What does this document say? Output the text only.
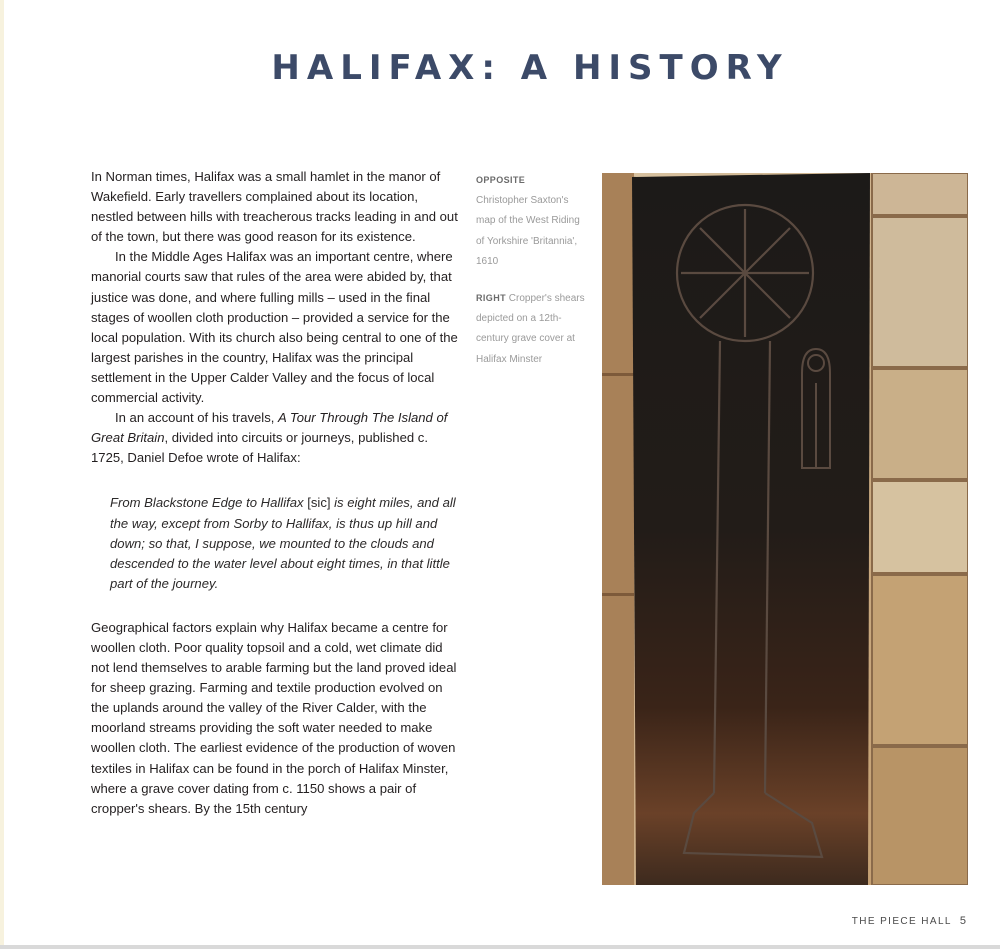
HALIFAX: A HISTORY

In Norman times, Halifax was a small hamlet in the manor of Wakefield. Early travellers complained about its location, nestled between hills with treacherous tracks leading in and out of the town, but there was good reason for its existence.

In the Middle Ages Halifax was an important centre, where manorial courts saw that rules of the area were abided by, that justice was done, and where fulling mills – used in the final stages of woollen cloth production – provided a service for the local population. With its church also being central to one of the largest parishes in the country, Halifax was the principal settlement in the Upper Calder Valley and the focus of local commercial activity.

In an account of his travels, A Tour Through The Island of Great Britain, divided into circuits or journeys, published c. 1725, Daniel Defoe wrote of Halifax:

From Blackstone Edge to Hallifax [sic] is eight miles, and all the way, except from Sorby to Hallifax, is thus up hill and down; so that, I suppose, we mounted to the clouds and descended to the water level about eight times, in that little part of the journey.

Geographical factors explain why Halifax became a centre for woollen cloth. Poor quality topsoil and a cold, wet climate did not lend themselves to arable farming but the land proved ideal for sheep grazing. Farming and textile production evolved on the uplands around the valley of the River Calder, with the moorland streams providing the soft water needed to make woollen cloth. The earliest evidence of the production of woven textiles in Halifax can be found in the porch of Halifax Minster, where a grave cover dating from c. 1150 shows a pair of cropper's shears. By the 15th century

OPPOSITE
Christopher Saxton's map of the West Riding of Yorkshire 'Britannia', 1610

RIGHT Cropper's shears depicted on a 12th-century grave cover at Halifax Minster

THE PIECE HALL 5
